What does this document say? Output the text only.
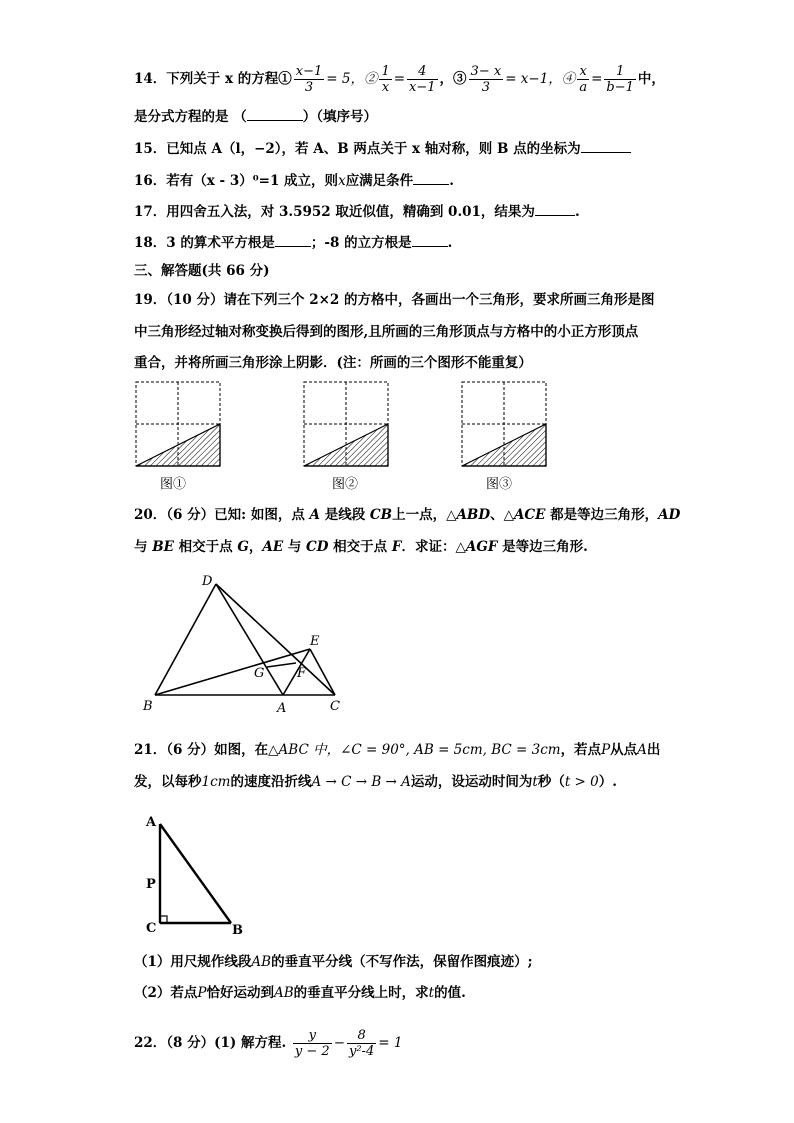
14．下列关于 x 的方程① $\frac{x-1}{3} = 5$，② $\frac{1}{x} = \frac{4}{x-1}$ ，③ $\frac{3- x}{3} = x-1$，④ $\frac{x}{a} = \frac{1}{b-1}$ 中，
是分式方程的是 （	）（填序号）
15．已知点 A（l，−2），若 A、B 两点关于 x 轴对称，则 B 点的坐标为
16．若有（x - 3）⁰=1 成立，则x应满足条件	.
17．用四舍五入法，对 3.5952 取近似值，精确到 0.01，结果为	.
18．3 的算术平方根是	；-8 的立方根是	.
三、解答题(共 66 分)
19．（10 分）请在下列三个 2×2 的方格中，各画出一个三角形，要求所画三角形是图
中三角形经过轴对称变换后得到的图形,且所画的三角形顶点与方格中的小正方形顶点
重合，并将所画三角形涂上阴影．(注：所画的三个图形不能重复）
图①	图②	图③
20．（6 分）已知: 如图，点 A 是线段 CB上一点，△ABD、△ACE 都是等边三角形，AD
与 BE 相交于点 G，AE 与 CD 相交于点 F．求证：△AGF 是等边三角形.
D
E
G	F
B	A	C
21．（6 分）如图，在△ABC 中，∠C = 90°, AB = 5cm, BC = 3cm，若点P从点A出
发，以每秒1cm的速度沿折线A → C → B → A运动，设运动时间为t秒（t > 0）.
A
P
C	B
（1）用尺规作线段AB的垂直平分线（不写作法，保留作图痕迹）;
（2）若点P恰好运动到AB的垂直平分线上时，求t的值.
22．（8 分）(1) 解方程. $\frac{y}{y - 2} - \frac{8}{\text{y²-4}} = 1$
